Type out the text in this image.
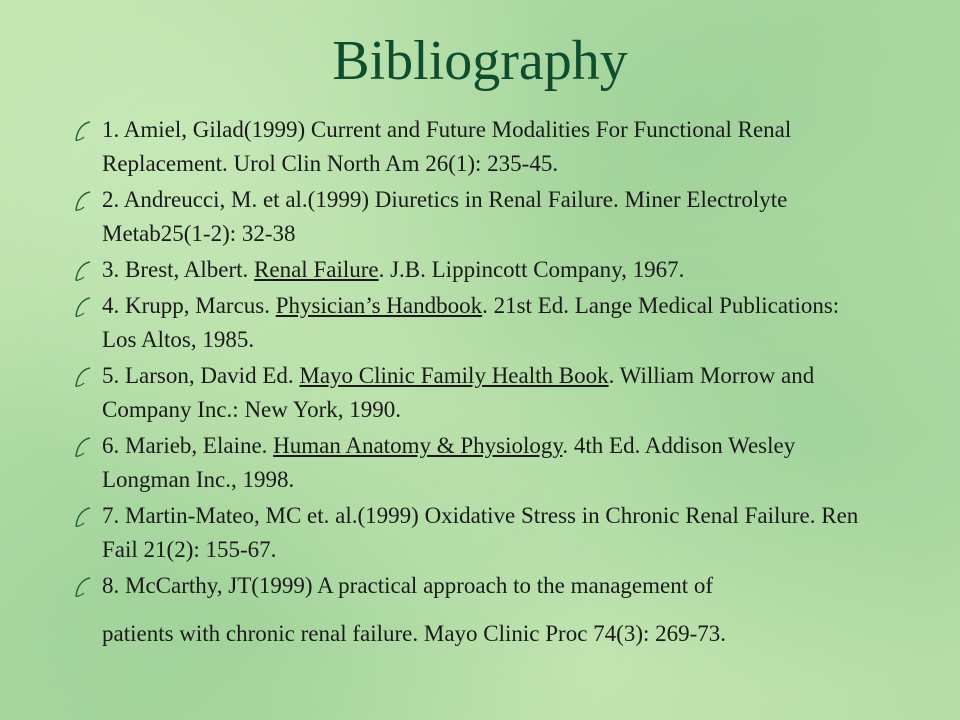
Bibliography
1. Amiel, Gilad(1999) Current and Future Modalities For Functional Renal Replacement. Urol Clin North Am 26(1): 235-45.
2. Andreucci, M. et al.(1999) Diuretics in Renal Failure. Miner Electrolyte Metab25(1-2): 32-38
3. Brest, Albert. Renal Failure. J.B. Lippincott Company, 1967.
4. Krupp, Marcus. Physician’s Handbook. 21st Ed. Lange Medical Publications: Los Altos, 1985.
5. Larson, David Ed. Mayo Clinic Family Health Book. William Morrow and Company Inc.: New York, 1990.
6. Marieb, Elaine. Human Anatomy & Physiology. 4th Ed. Addison Wesley Longman Inc., 1998.
7. Martin-Mateo, MC et. al.(1999) Oxidative Stress in Chronic Renal Failure. Ren Fail 21(2): 155-67.
8. McCarthy, JT(1999) A practical approach to the management of
patients with chronic renal failure. Mayo Clinic Proc 74(3): 269-73.
